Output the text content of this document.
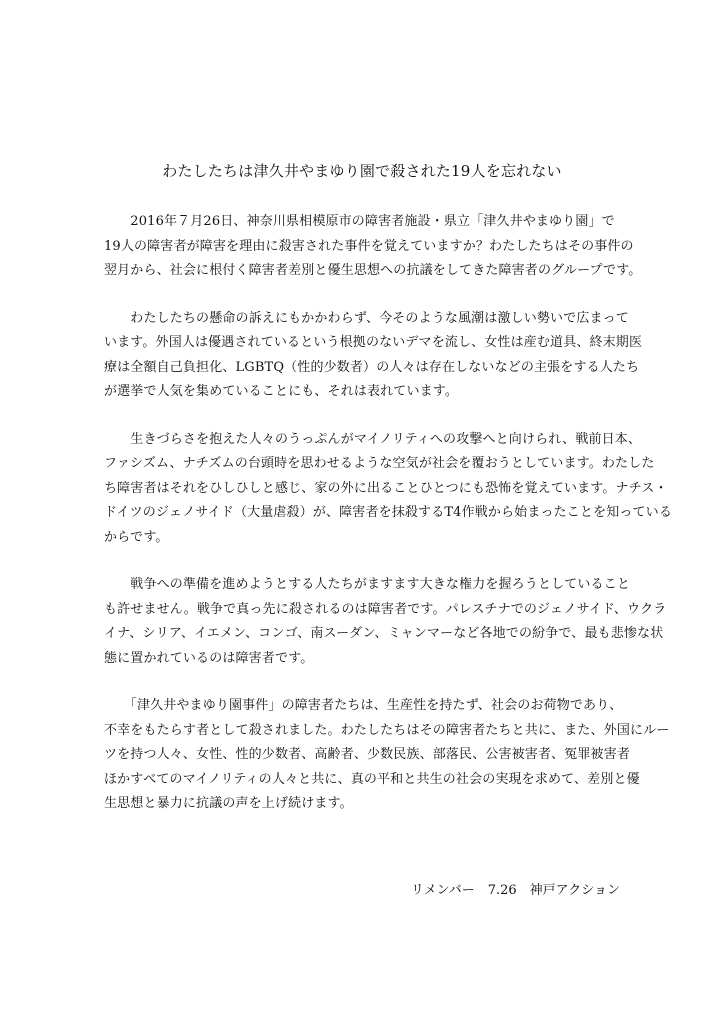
わたしたちは津久井やまゆり園で殺された19人を忘れない

　　2016年７月26日、神奈川県相模原市の障害者施設・県立「津久井やまゆり園」で
19人の障害者が障害を理由に殺害された事件を覚えていますか？わたしたちはその事件の
翌月から、社会に根付く障害者差別と優生思想への抗議をしてきた障害者のグループです。

　　わたしたちの懸命の訴えにもかかわらず、今そのような風潮は激しい勢いで広まって
います。外国人は優遇されているという根拠のないデマを流し、女性は産む道具、終末期医
療は全額自己負担化、LGBTQ（性的少数者）の人々は存在しないなどの主張をする人たち
が選挙で人気を集めていることにも、それは表れています。

　　生きづらさを抱えた人々のうっぷんがマイノリティへの攻撃へと向けられ、戦前日本、
ファシズム、ナチズムの台頭時を思わせるような空気が社会を覆おうとしています。わたした
ち障害者はそれをひしひしと感じ、家の外に出ることひとつにも恐怖を覚えています。ナチス・
ドイツのジェノサイド（大量虐殺）が、障害者を抹殺するT4作戦から始まったことを知っている
からです。

　　戦争への準備を進めようとする人たちがますます大きな権力を握ろうとしていること
も許せません。戦争で真っ先に殺されるのは障害者です。パレスチナでのジェノサイド、ウクラ
イナ、シリア、イエメン、コンゴ、南スーダン、ミャンマーなど各地での紛争で、最も悲惨な状
態に置かれているのは障害者です。

　　「津久井やまゆり園事件」の障害者たちは、生産性を持たず、社会のお荷物であり、
不幸をもたらす者として殺されました。わたしたちはその障害者たちと共に、また、外国にルー
ツを持つ人々、女性、性的少数者、高齢者、少数民族、部落民、公害被害者、冤罪被害者
ほかすべてのマイノリティの人々と共に、真の平和と共生の社会の実現を求めて、差別と優
生思想と暴力に抗議の声を上げ続けます。

リメンバー　7.26　神戸アクション
